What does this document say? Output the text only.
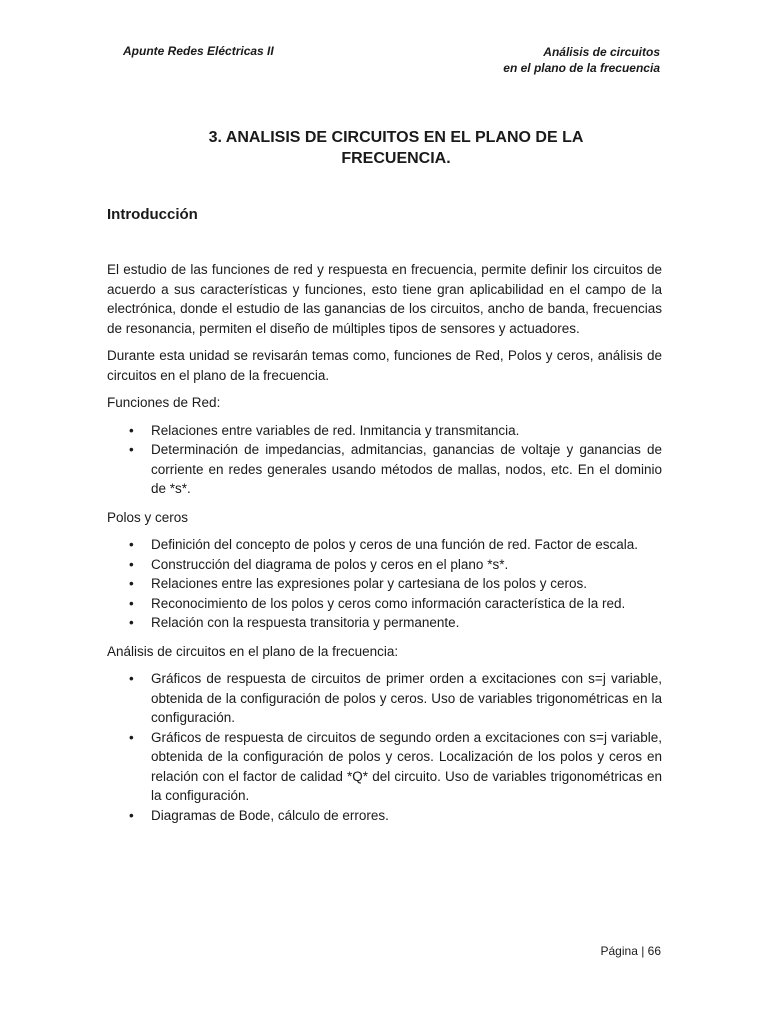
Apunte Redes Eléctricas II	Análisis de circuitos
en el plano de la frecuencia
3. ANALISIS DE CIRCUITOS EN EL PLANO DE LA
FRECUENCIA.
Introducción

El estudio de las funciones de red y respuesta en frecuencia, permite definir los circuitos de acuerdo a sus características y funciones, esto tiene gran aplicabilidad en el campo de la electrónica, donde el estudio de las ganancias de los circuitos, ancho de banda, frecuencias de resonancia, permiten el diseño de múltiples tipos de sensores y actuadores.

Durante esta unidad se revisarán temas como, funciones de Red, Polos y ceros, análisis de circuitos en el plano de la frecuencia.

Funciones de Red:

• Relaciones entre variables de red. Inmitancia y transmitancia.
• Determinación de impedancias, admitancias, ganancias de voltaje y ganancias de corriente en redes generales usando métodos de mallas, nodos, etc. En el dominio de *s*.

Polos y ceros

• Definición del concepto de polos y ceros de una función de red. Factor de escala.
• Construcción del diagrama de polos y ceros en el plano *s*.
• Relaciones entre las expresiones polar y cartesiana de los polos y ceros.
• Reconocimiento de los polos y ceros como información característica de la red.
• Relación con la respuesta transitoria y permanente.

Análisis de circuitos en el plano de la frecuencia:

• Gráficos de respuesta de circuitos de primer orden a excitaciones con s=j variable, obtenida de la configuración de polos y ceros. Uso de variables trigonométricas en la configuración.
• Gráficos de respuesta de circuitos de segundo orden a excitaciones con s=j variable, obtenida de la configuración de polos y ceros. Localización de los polos y ceros en relación con el factor de calidad *Q* del circuito. Uso de variables trigonométricas en la configuración.
• Diagramas de Bode, cálculo de errores.
Página | 66
